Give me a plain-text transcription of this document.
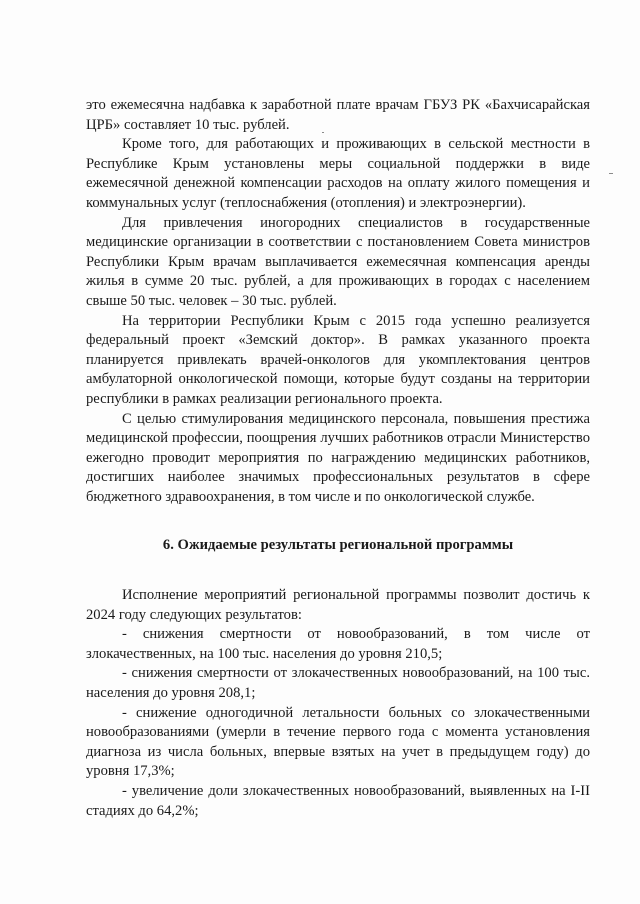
это ежемесячна надбавка к заработной плате врачам ГБУЗ РК «Бахчисарайская ЦРБ» составляет 10 тыс. рублей.

Кроме того, для работающих и проживающих в сельской местности в Республике Крым установлены меры социальной поддержки в виде ежемесячной денежной компенсации расходов на оплату жилого помещения и коммунальных услуг (теплоснабжения (отопления) и электроэнергии).

Для привлечения иногородних специалистов в государственные медицинские организации в соответствии с постановлением Совета министров Республики Крым врачам выплачивается ежемесячная компенсация аренды жилья в сумме 20 тыс. рублей, а для проживающих в городах с населением свыше 50 тыс. человек – 30 тыс. рублей.

На территории Республики Крым с 2015 года успешно реализуется федеральный проект «Земский доктор». В рамках указанного проекта планируется привлекать врачей-онкологов для укомплектования центров амбулаторной онкологической помощи, которые будут созданы на территории республики в рамках реализации регионального проекта.

С целью стимулирования медицинского персонала, повышения престижа медицинской профессии, поощрения лучших работников отрасли Министерство ежегодно проводит мероприятия по награждению медицинских работников, достигших наиболее значимых профессиональных результатов в сфере бюджетного здравоохранения, в том числе и по онкологической службе.

6. Ожидаемые результаты региональной программы

Исполнение мероприятий региональной программы позволит достичь к 2024 году следующих результатов:

- снижения смертности от новообразований, в том числе от злокачественных, на 100 тыс. населения до уровня 210,5;

- снижения смертности от злокачественных новообразований, на 100 тыс. населения до уровня 208,1;

- снижение одногодичной летальности больных со злокачественными новообразованиями (умерли в течение первого года с момента установления диагноза из числа больных, впервые взятых на учет в предыдущем году) до уровня 17,3%;

- увеличение доли злокачественных новообразований, выявленных на I-II стадиях до 64,2%;
